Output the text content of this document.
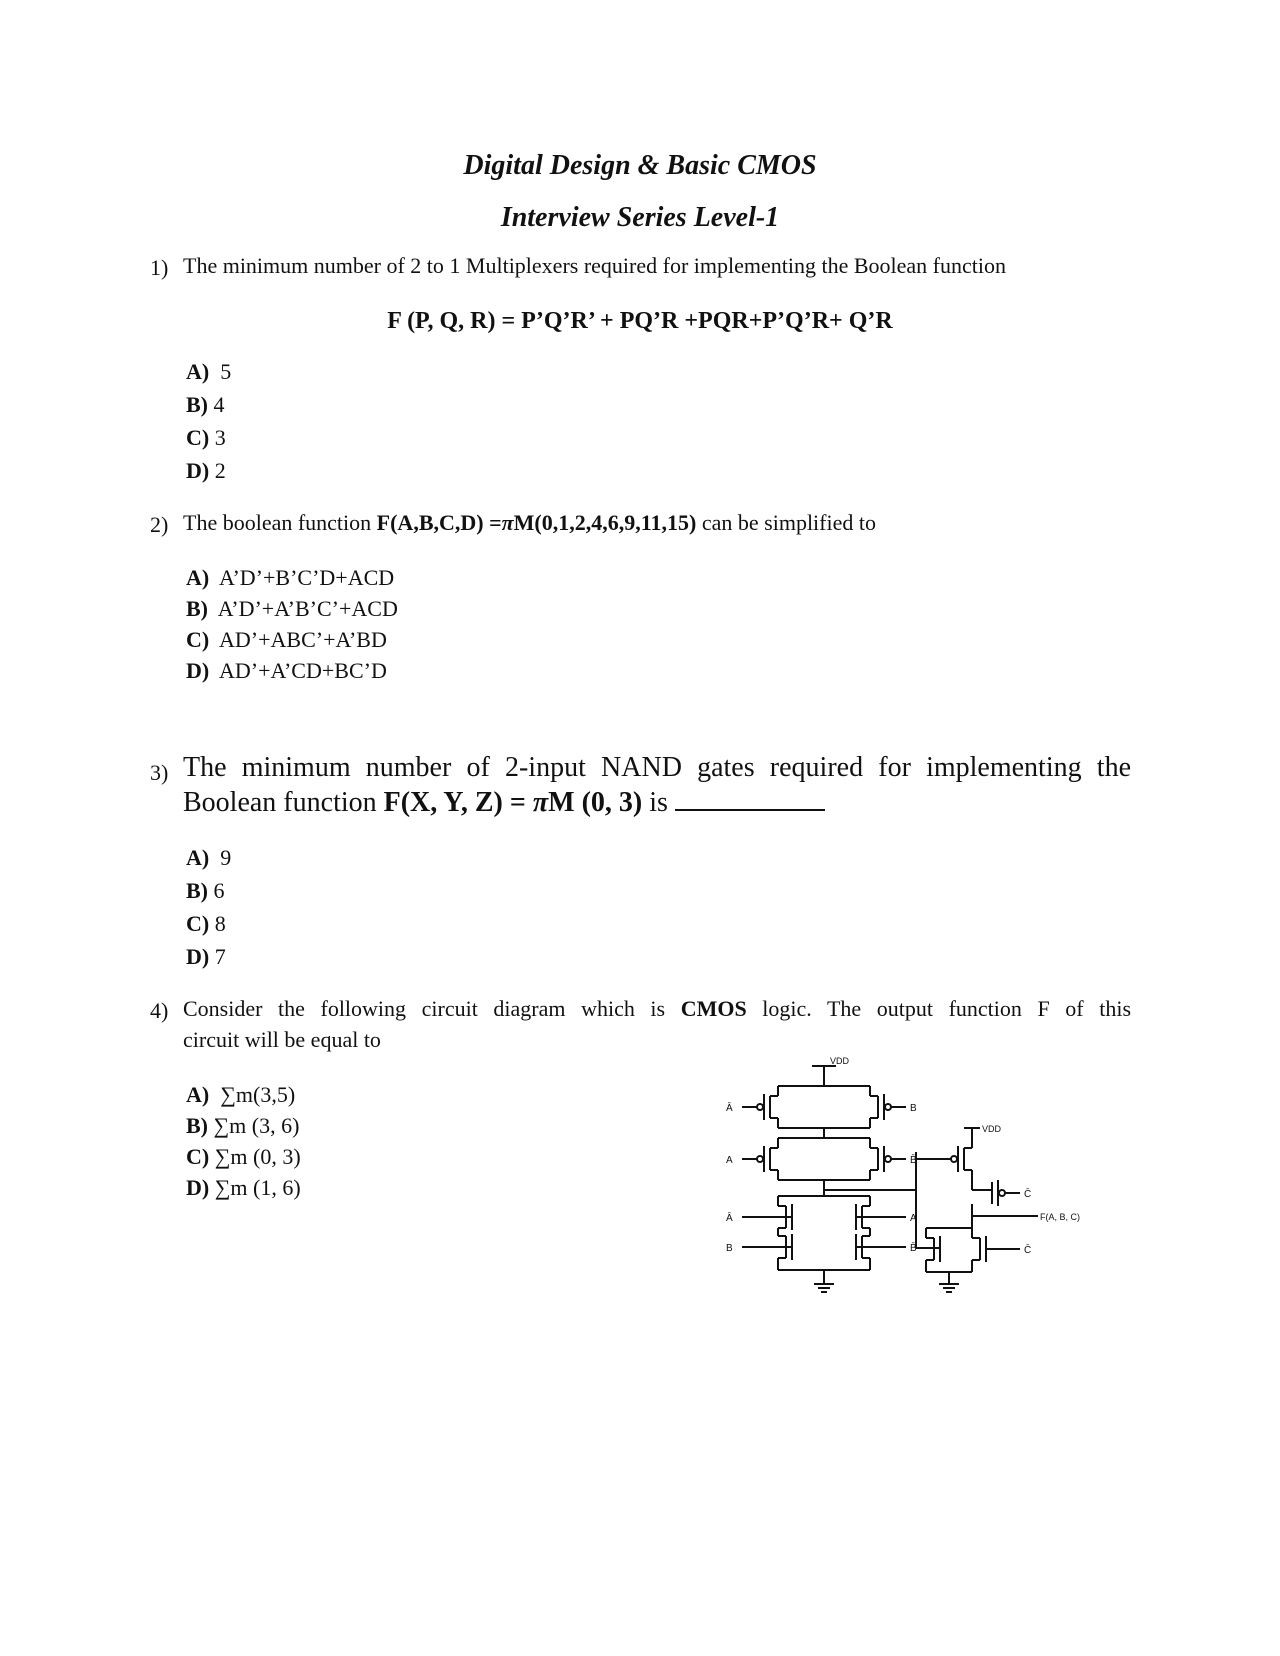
Digital Design & Basic CMOS
Interview Series Level-1
1) The minimum number of 2 to 1 Multiplexers required for implementing the Boolean function
F (P, Q, R) = P’Q’R’ + PQ’R +PQR+P’Q’R+ Q’R
A) 5
B) 4
C) 3
D) 2
2) The boolean function F(A,B,C,D) =πM(0,1,2,4,6,9,11,15) can be simplified to
A) A’D’+B’C’D+ACD
B) A’D’+A’B’C’+ACD
C) AD’+ABC’+A’BD
D) AD’+A’CD+BC’D
3) The minimum number of 2-input NAND gates required for implementing the
Boolean function F(X, Y, Z) = πM (0, 3) is
A) 9
B) 6
C) 8
D) 7
4) Consider the following circuit diagram which is CMOS logic. The output function F of this
circuit will be equal to
A) ∑m(3,5)
B) ∑m (3, 6)
C) ∑m (0, 3)
D) ∑m (1, 6)
VDD
Ā	B
A	B̄
Ā
B
A
B̄
VDD
C̄
F(A, B, C)
C̄
